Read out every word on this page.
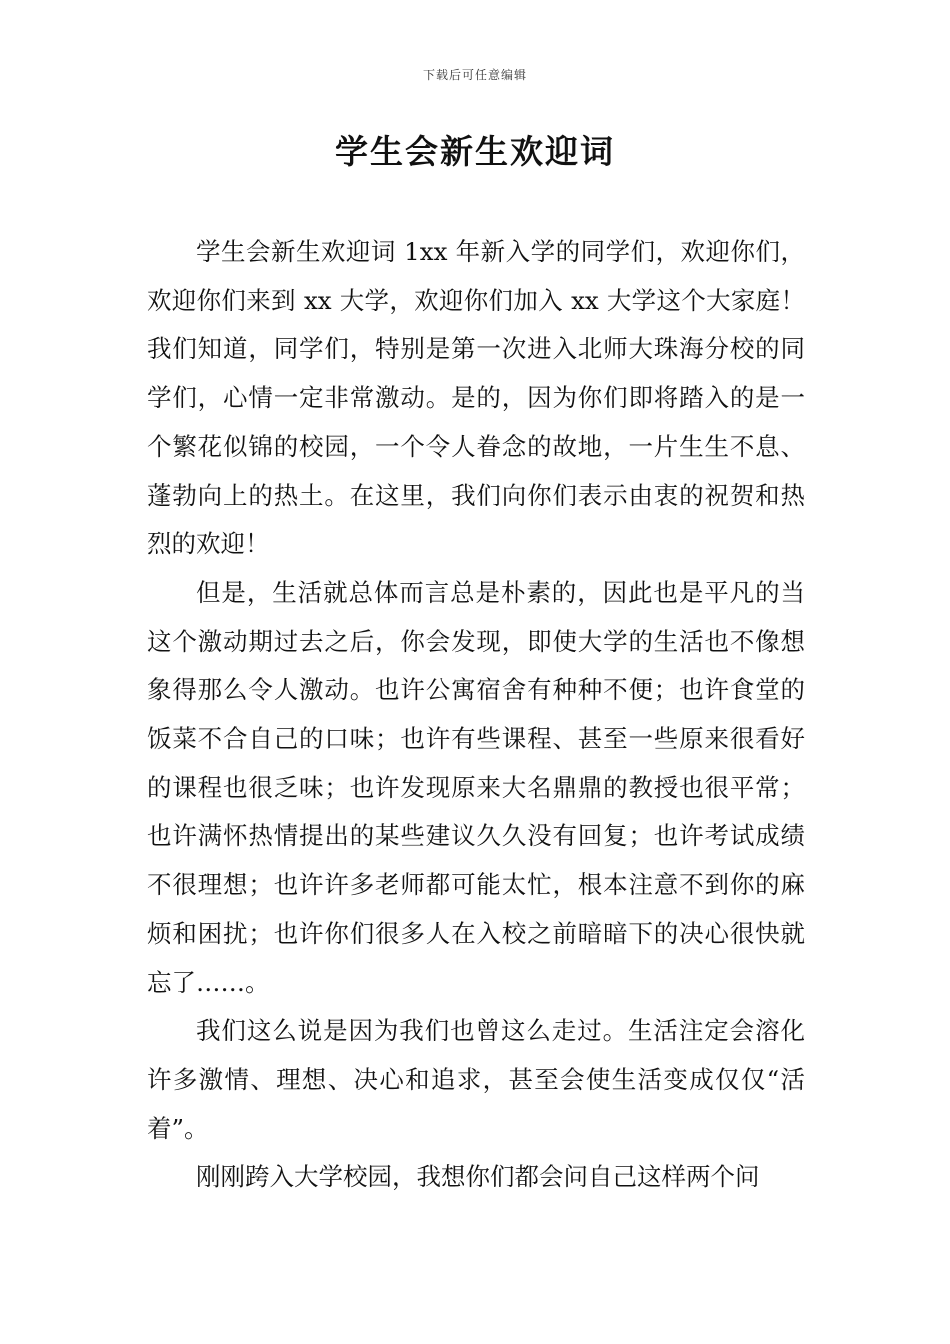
下载后可任意编辑
学生会新生欢迎词

学生会新生欢迎词 1xx 年新入学的同学们，欢迎你们，欢迎你们来到 xx 大学，欢迎你们加入 xx 大学这个大家庭！我们知道，同学们，特别是第一次进入北师大珠海分校的同学们，心情一定非常激动。是的，因为你们即将踏入的是一个繁花似锦的校园，一个令人眷念的故地，一片生生不息、蓬勃向上的热土。在这里，我们向你们表示由衷的祝贺和热烈的欢迎！

但是，生活就总体而言总是朴素的，因此也是平凡的当这个激动期过去之后，你会发现，即使大学的生活也不像想象得那么令人激动。也许公寓宿舍有种种不便；也许食堂的饭菜不合自己的口味；也许有些课程、甚至一些原来很看好的课程也很乏味；也许发现原来大名鼎鼎的教授也很平常；也许满怀热情提出的某些建议久久没有回复；也许考试成绩不很理想；也许许多老师都可能太忙，根本注意不到你的麻烦和困扰；也许你们很多人在入校之前暗暗下的决心很快就忘了……。

我们这么说是因为我们也曾这么走过。生活注定会溶化许多激情、理想、决心和追求，甚至会使生活变成仅仅“活着”。

刚刚跨入大学校园，我想你们都会问自己这样两个问
